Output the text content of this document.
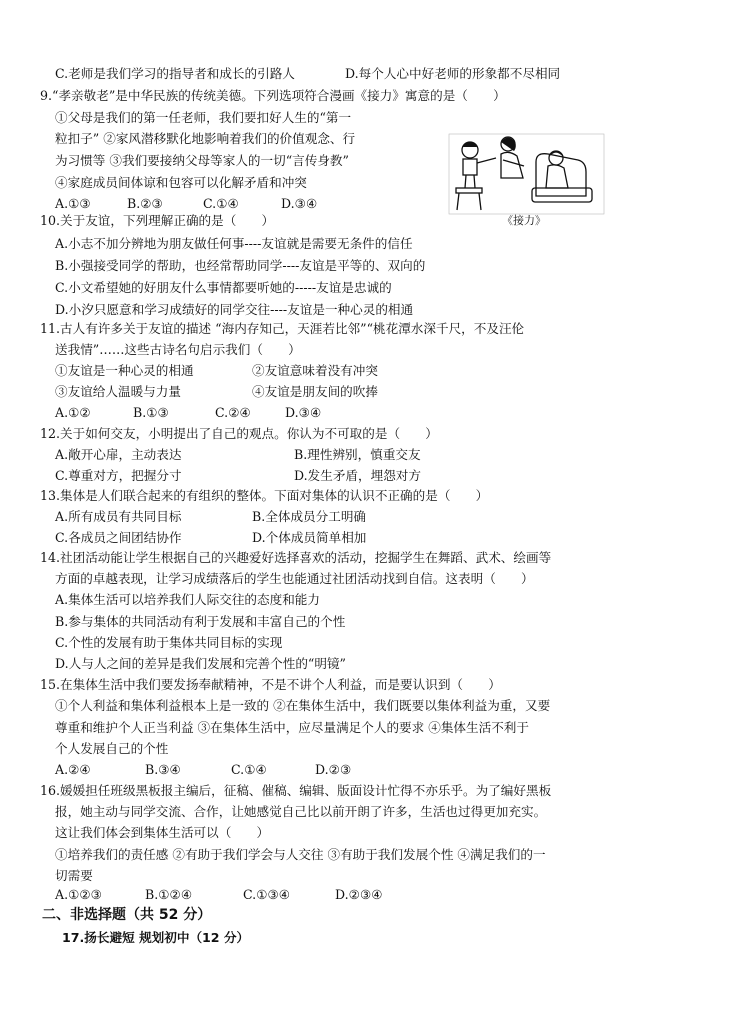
C.老师是我们学习的指导者和成长的引路人	D.每个人心中好老师的形象都不尽相同
9.“孝亲敬老”是中华民族的传统美德。下列选项符合漫画《接力》寓意的是（　　）
①父母是我们的第一任老师，我们要扣好人生的“第一
粒扣子” ②家风潜移默化地影响着我们的价值观念、行
为习惯等 ③我们要接纳父母等家人的一切“言传身教”
④家庭成员间体谅和包容可以化解矛盾和冲突
A.①③	B.②③	C.①④	D.③④
《接力》
10.关于友谊，下列理解正确的是（　　）
A.小志不加分辨地为朋友做任何事----友谊就是需要无条件的信任
B.小强接受同学的帮助，也经常帮助同学----友谊是平等的、双向的
C.小文希望她的好朋友什么事情都要听她的-----友谊是忠诚的
D.小汐只愿意和学习成绩好的同学交往----友谊是一种心灵的相通
11.古人有许多关于友谊的描述 “海内存知己，天涯若比邻”“桃花潭水深千尺，不及汪伦
送我情”……这些古诗名句启示我们（　　）
①友谊是一种心灵的相通	②友谊意味着没有冲突
③友谊给人温暖与力量	④友谊是朋友间的吹捧
A.①②	B.①③	C.②④	D.③④
12.关于如何交友，小明提出了自己的观点。你认为不可取的是（　　）
A.敞开心扉，主动表达	B.理性辨别，慎重交友
C.尊重对方，把握分寸	D.发生矛盾，埋怨对方
13.集体是人们联合起来的有组织的整体。下面对集体的认识不正确的是（　　）
A.所有成员有共同目标	B.全体成员分工明确
C.各成员之间团结协作	D.个体成员简单相加
14.社团活动能让学生根据自己的兴趣爱好选择喜欢的活动，挖掘学生在舞蹈、武术、绘画等
方面的卓越表现，让学习成绩落后的学生也能通过社团活动找到自信。这表明（　　）
A.集体生活可以培养我们人际交往的态度和能力
B.参与集体的共同活动有利于发展和丰富自己的个性
C.个性的发展有助于集体共同目标的实现
D.人与人之间的差异是我们发展和完善个性的“明镜”
15.在集体生活中我们要发扬奉献精神，不是不讲个人利益，而是要认识到（　　）
①个人利益和集体利益根本上是一致的 ②在集体生活中，我们既要以集体利益为重，又要
尊重和维护个人正当利益 ③在集体生活中，应尽量满足个人的要求 ④集体生活不利于
个人发展自己的个性
A.②④	B.③④	C.①④	D.②③
16.媛媛担任班级黑板报主编后，征稿、催稿、编辑、版面设计忙得不亦乐乎。为了编好黑板
报，她主动与同学交流、合作，让她感觉自己比以前开朗了许多，生活也过得更加充实。
这让我们体会到集体生活可以（　　）
①培养我们的责任感 ②有助于我们学会与人交往 ③有助于我们发展个性 ④满足我们的一
切需要
A.①②③	B.①②④	C.①③④	D.②③④
二、非选择题（共 52 分）
17.扬长避短 规划初中（12 分）
